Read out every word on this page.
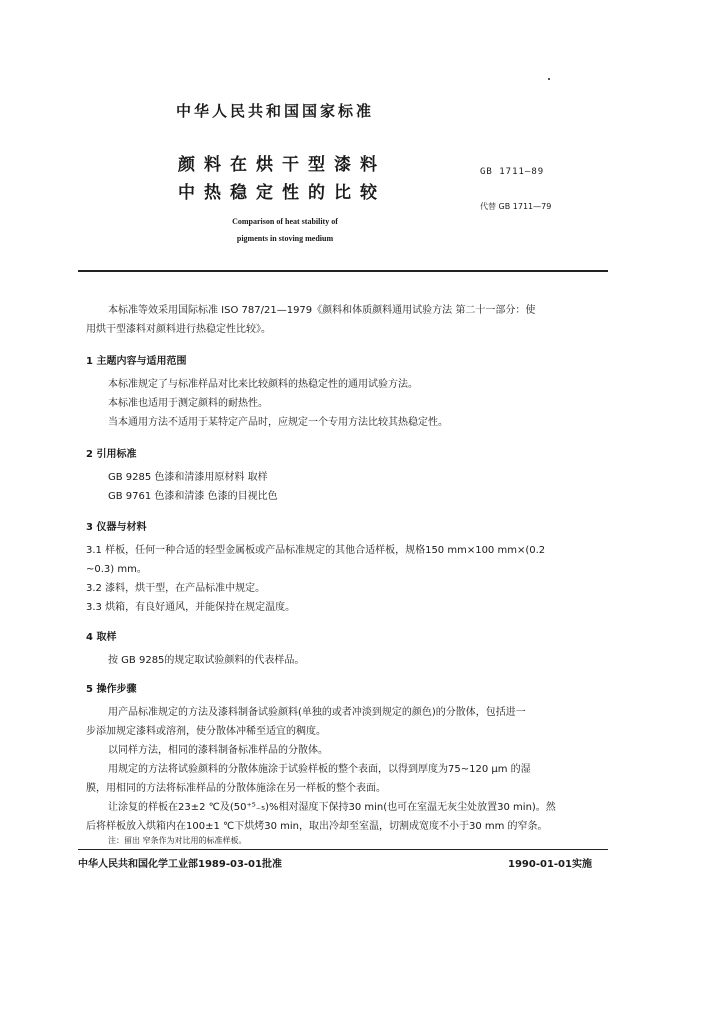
中华人民共和国国家标准
颜料在烘干型漆料
中热稳定性的比较
Comparison of heat stability of
pigments in stoving medium
GB 1711—89
代替 GB 1711—79
本标准等效采用国际标准 ISO 787/21—1979《颜料和体质颜料通用试验方法 第二十一部分：使
用烘干型漆料对颜料进行热稳定性比较》。
1 主题内容与适用范围
本标准规定了与标准样品对比来比较颜料的热稳定性的通用试验方法。
本标准也适用于测定颜料的耐热性。
当本通用方法不适用于某特定产品时，应规定一个专用方法比较其热稳定性。
2 引用标准
GB 9285 色漆和清漆用原材料 取样
GB 9761 色漆和清漆 色漆的目视比色
3 仪器与材料
3.1 样板，任何一种合适的轻型金属板或产品标准规定的其他合适样板，规格150 mm×100 mm×(0.2
~0.3) mm。
3.2 漆料，烘干型，在产品标准中规定。
3.3 烘箱，有良好通风，并能保持在规定温度。
4 取样
按 GB 9285的规定取试验颜料的代表样品。
5 操作步骤
用产品标准规定的方法及漆料制备试验颜料(单独的或者冲淡到规定的颜色)的分散体，包括进一
步添加规定漆料或溶剂，使分散体冲稀至适宜的稠度。
以同样方法，相同的漆料制备标准样品的分散体。
用规定的方法将试验颜料的分散体施涂于试验样板的整个表面，以得到厚度为75~120 μm 的湿
膜，用相同的方法将标准样品的分散体施涂在另一样板的整个表面。
让涂复的样板在23±2 ℃及(50⁺⁵₋₅)%相对湿度下保持30 min(也可在室温无灰尘处放置30 min)。然
后将样板放入烘箱内在100±1 ℃下烘烤30 min，取出冷却至室温，切割成宽度不小于30 mm 的窄条。
注：留出 窄条作为对比用的标准样板。
中华人民共和国化学工业部1989-03-01批准	1990-01-01实施
